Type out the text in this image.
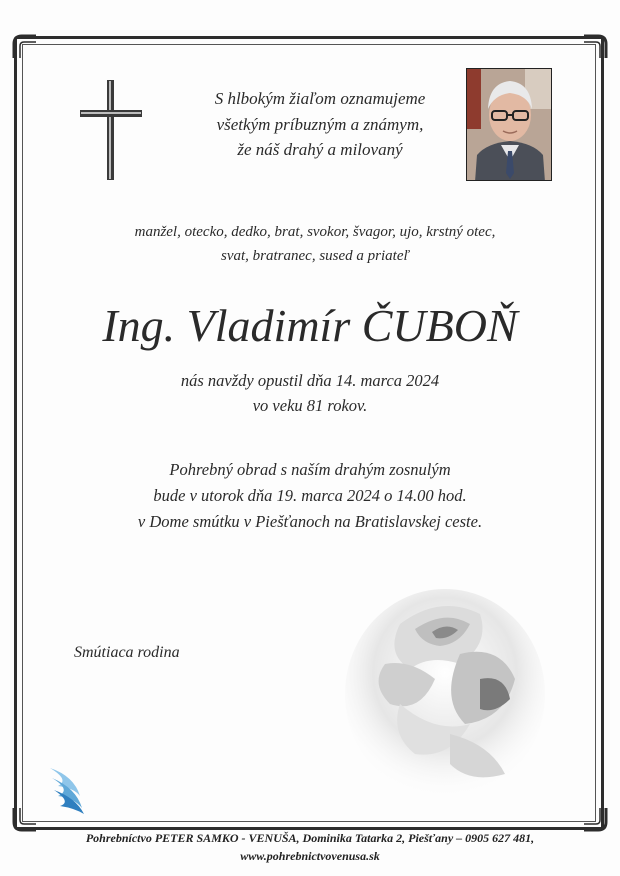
S hlbokým žiaľom oznamujeme
všetkým príbuzným a známym,
že náš drahý a milovaný
manžel, otecko, dedko, brat, svokor, švagor, ujo, krstný otec,
svat, bratranec, sused a priateľ
Ing. Vladimír ČUBOŇ
nás navždy opustil dňa 14. marca 2024
vo veku 81 rokov.
Pohrebný obrad s naším drahým zosnulým
bude v utorok dňa 19. marca 2024 o 14.00 hod.
v Dome smútku v Piešťanoch na Bratislavskej ceste.
Smútiaca rodina
Pohrebníctvo PETER SAMKO - VENUŠA, Dominika Tatarka 2, Piešťany – 0905 627 481,
www.pohrebnictvovenusa.sk
